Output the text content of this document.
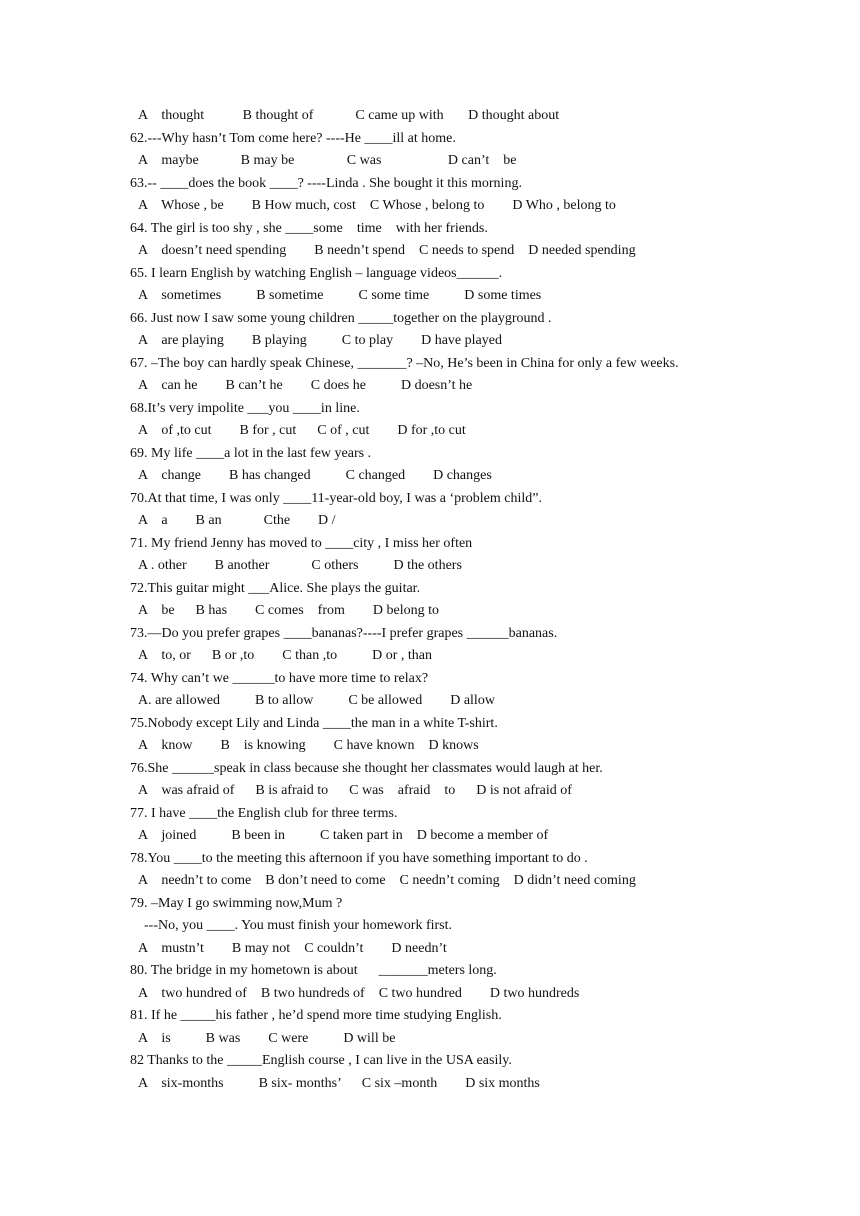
A    thought           B thought of            C came up with       D thought about
62.---Why hasn’t Tom come here? ----He ____ill at home.
A    maybe            B may be               C was                   D can’t    be
63.-- ____does the book ____? ----Linda . She bought it this morning.
A    Whose , be        B How much, cost    C Whose , belong to        D Who , belong to
64. The girl is too shy , she ____some    time    with her friends.
A    doesn’t need spending        B needn’t spend    C needs to spend    D needed spending
65. I learn English by watching English – language videos______.
A    sometimes          B sometime          C some time          D some times
66. Just now I saw some young children _____together on the playground .
A    are playing        B playing          C to play        D have played
67. –The boy can hardly speak Chinese, _______? –No, He’s been in China for only a few weeks.
A    can he        B can’t he        C does he          D doesn’t he
68.It’s very impolite ___you ____in line.
A    of ,to cut        B for , cut      C of , cut        D for ,to cut
69. My life ____a lot in the last few years .
A    change        B has changed          C changed        D changes
70.At that time, I was only ____11-year-old boy, I was a ‘problem child”.
A    a        B an            Cthe        D /
71. My friend Jenny has moved to ____city , I miss her often
A . other        B another            C others          D the others
72.This guitar might ___Alice. She plays the guitar.
A    be      B has        C comes    from        D belong to
73.—Do you prefer grapes ____bananas?----I prefer grapes ______bananas.
A    to, or      B or ,to        C than ,to          D or , than
74. Why can’t we ______to have more time to relax?
A. are allowed          B to allow          C be allowed        D allow
75.Nobody except Lily and Linda ____the man in a white T-shirt.
A    know        B    is knowing        C have known    D knows
76.She ______speak in class because she thought her classmates would laugh at her.
A    was afraid of      B is afraid to      C was    afraid    to      D is not afraid of
77. I have ____the English club for three terms.
A    joined          B been in          C taken part in    D become a member of
78.You ____to the meeting this afternoon if you have something important to do .
A    needn’t to come    B don’t need to come    C needn’t coming    D didn’t need coming
79. –May I go swimming now,Mum ?
---No, you ____. You must finish your homework first.
A    mustn’t        B may not    C couldn’t        D needn’t
80. The bridge in my hometown is about      _______meters long.
A    two hundred of    B two hundreds of    C two hundred        D two hundreds
81. If he _____his father , he’d spend more time studying English.
A    is          B was        C were          D will be
82 Thanks to the _____English course , I can live in the USA easily.
A    six-months          B six- months’      C six –month        D six months
